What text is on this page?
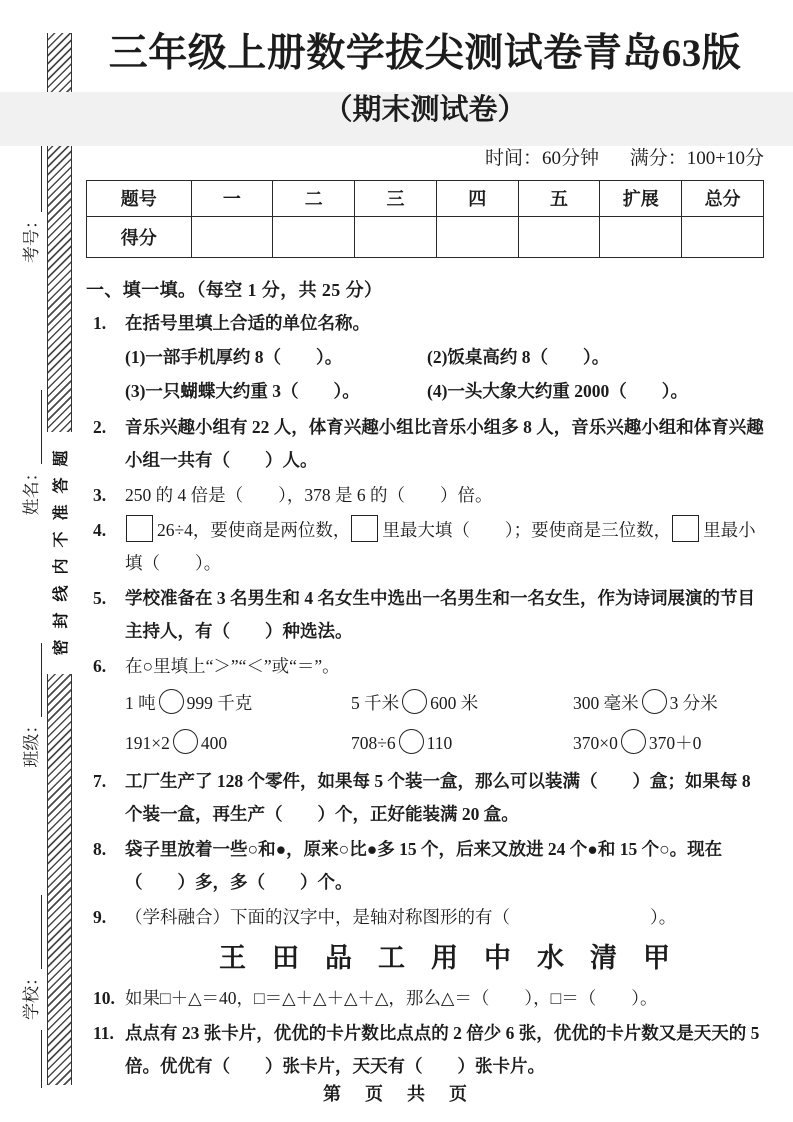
学校：
班级：
姓名：
考号：
密封线内不准答题
三年级上册数学拔尖测试卷青岛63版
（期末测试卷）
时间：60分钟 满分：100+10分
题号	一	二	三	四	五	扩展	总分
得分							
一、填一填。（每空 1 分，共 25 分）
1.	在括号里填上合适的单位名称。
(1)一部手机厚约 8（　　）。	(2)饭桌高约 8（　　）。
(3)一只蝴蝶大约重 3（　　）。	(4)一头大象大约重 2000（　　）。
2.	音乐兴趣小组有 22 人，体育兴趣小组比音乐小组多 8 人，音乐兴趣小组和体育兴趣小组一共有（　　）人。
3.	250 的 4 倍是（　　），378 是 6 的（　　）倍。
4.	26÷4，要使商是两位数， 里最大填（　　）；要使商是三位数， 里最小填（　　）。
5.	学校准备在 3 名男生和 4 名女生中选出一名男生和一名女生，作为诗词展演的节目主持人，有（　　）种选法。
6.	在○里填上“＞”“＜”或“＝”。
1 吨 999 千克	5 千米 600 米	300 毫米 3 分米
191×2 400	708÷6 110	370×0 370＋0
7.	工厂生产了 128 个零件，如果每 5 个装一盒，那么可以装满（　　）盒；如果每 8 个装一盒，再生产（　　）个，正好能装满 20 盒。
8.	袋子里放着一些○和●，原来○比●多 15 个，后来又放进 24 个●和 15 个○。现在（　　）多，多（　　）个。
9.	（学科融合）下面的汉字中，是轴对称图形的有（　　　　　　　　）。
王田品工用中水清甲
10. 如果□＋△＝40，□＝△＋△＋△＋△，那么△＝（　　），□＝（　　）。
11. 点点有 23 张卡片，优优的卡片数比点点的 2 倍少 6 张，优优的卡片数又是天天的 5 倍。优优有（　　）张卡片，天天有（　　）张卡片。
第　页　共　页
